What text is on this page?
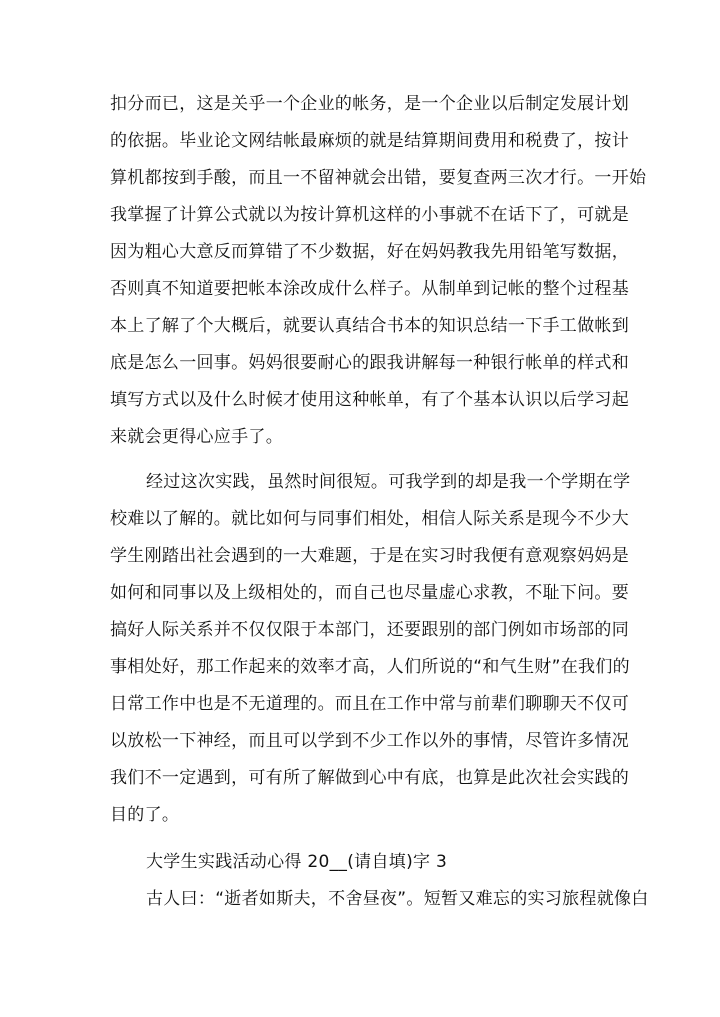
扣分而已，这是关乎一个企业的帐务，是一个企业以后制定发展计划
的依据。毕业论文网结帐最麻烦的就是结算期间费用和税费了，按计
算机都按到手酸，而且一不留神就会出错，要复查两三次才行。一开始
我掌握了计算公式就以为按计算机这样的小事就不在话下了，可就是
因为粗心大意反而算错了不少数据，好在妈妈教我先用铅笔写数据，
否则真不知道要把帐本涂改成什么样子。从制单到记帐的整个过程基
本上了解了个大概后，就要认真结合书本的知识总结一下手工做帐到
底是怎么一回事。妈妈很要耐心的跟我讲解每一种银行帐单的样式和
填写方式以及什么时候才使用这种帐单，有了个基本认识以后学习起
来就会更得心应手了。
经过这次实践，虽然时间很短。可我学到的却是我一个学期在学
校难以了解的。就比如何与同事们相处，相信人际关系是现今不少大
学生刚踏出社会遇到的一大难题，于是在实习时我便有意观察妈妈是
如何和同事以及上级相处的，而自己也尽量虚心求教，不耻下问。要
搞好人际关系并不仅仅限于本部门，还要跟别的部门例如市场部的同
事相处好，那工作起来的效率才高，人们所说的“和气生财”在我们的
日常工作中也是不无道理的。而且在工作中常与前辈们聊聊天不仅可
以放松一下神经，而且可以学到不少工作以外的事情，尽管许多情况
我们不一定遇到，可有所了解做到心中有底，也算是此次社会实践的
目的了。
大学生实践活动心得 20__(请自填)字 3
古人曰：“逝者如斯夫，不舍昼夜”。短暂又难忘的实习旅程就像白
